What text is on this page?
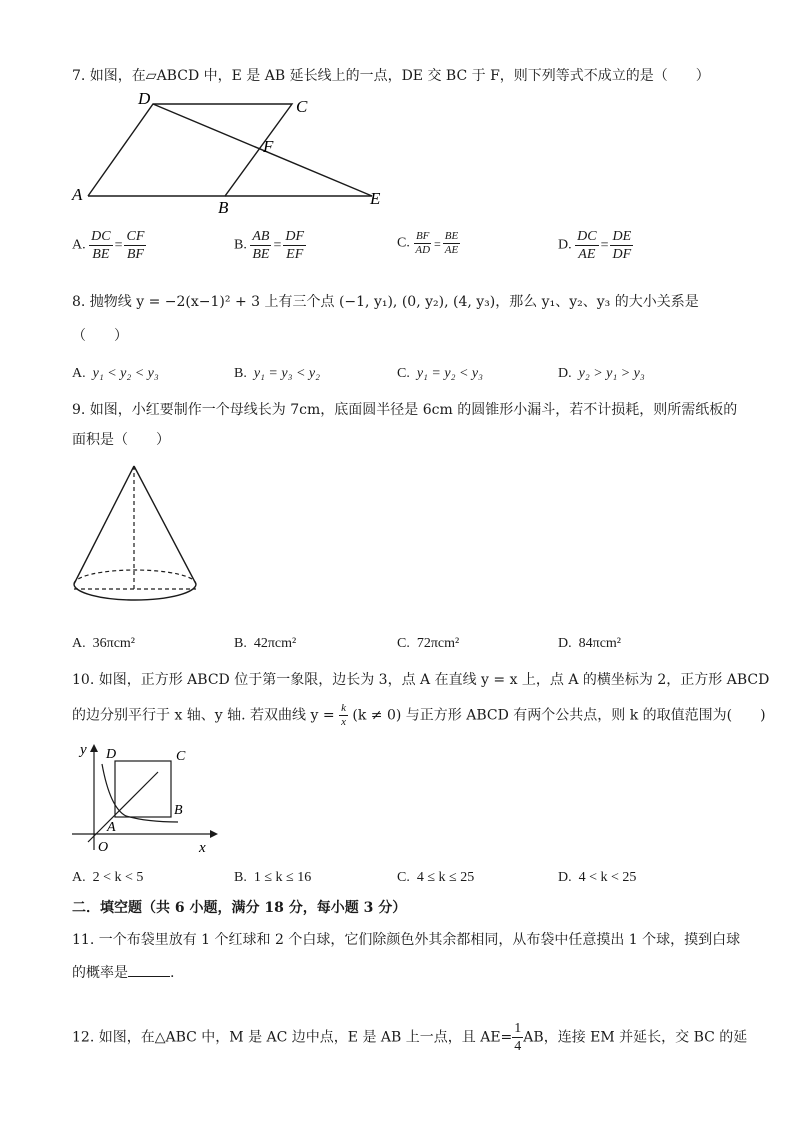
7. 如图，在▱ABCD 中，E 是 AB 延长线上的一点，DE 交 BC 于 F，则下列等式不成立的是（　　）
D	C
F
A
B	E
A. $\frac{DC}{BE} = \frac{CF}{BF}$	B. $\frac{AB}{BE} = \frac{DF}{EF}$	C. $\frac{BF}{AD} = \frac{BE}{AE}$	D. $\frac{DC}{AE} = \frac{DE}{DF}$
8. 抛物线 y = −2(x−1)² + 3 上有三个点 (−1, y₁), (0, y₂), (4, y₃)，那么 y₁、y₂、y₃ 的大小关系是
（　　）
A. y₁ < y₂ < y₃	B. y₁ = y₃ < y₂	C. y₁ = y₂ < y₃	D. y₂ > y₁ > y₃
9. 如图，小红要制作一个母线长为 7cm，底面圆半径是 6cm 的圆锥形小漏斗，若不计损耗，则所需纸板的
面积是（　　）
A. 36πcm²	B. 42πcm²	C. 72πcm²	D. 84πcm²
10. 如图，正方形 ABCD 位于第一象限，边长为 3，点 A 在直线 y = x 上，点 A 的横坐标为 2，正方形 ABCD
的边分别平行于 x 轴、y 轴. 若双曲线 $y = \frac{k}{x} (k \ne 0)$ 与正方形 ABCD 有两个公共点，则 k 的取值范围为(　　)
y
x
O
A
B
C
D
A. 2 < k < 5	B. 1 ≤ k ≤ 16	C. 4 ≤ k ≤ 25	D. 4 < k < 25
二．填空题（共 6 小题，满分 18 分，每小题 3 分）
11. 一个布袋里放有 1 个红球和 2 个白球，它们除颜色外其余都相同，从布袋中任意摸出 1 个球，摸到白球
的概率是	.
12. 如图，在△ABC 中，M 是 AC 边中点，E 是 AB 上一点，且 $AE= \frac{1}{4}$ AB，连接 EM 并延长，交 BC 的延
